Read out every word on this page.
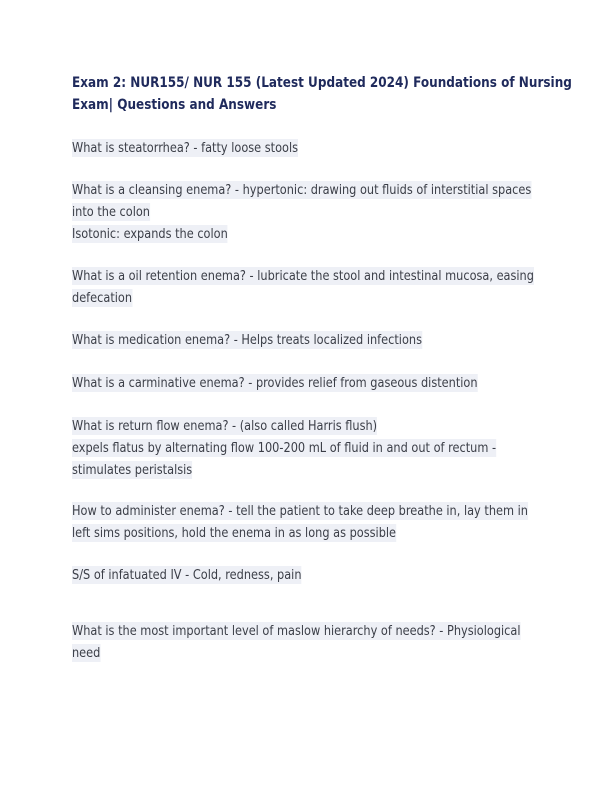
Exam 2: NUR155/ NUR 155 (Latest Updated 2024) Foundations of Nursing
Exam| Questions and Answers
What is steatorrhea? - fatty loose stools
What is a cleansing enema? - hypertonic: drawing out fluids of interstitial spaces
into the colon
Isotonic: expands the colon
What is a oil retention enema? - lubricate the stool and intestinal mucosa, easing
defecation
What is medication enema? - Helps treats localized infections
What is a carminative enema? - provides relief from gaseous distention
What is return flow enema? - (also called Harris flush)
expels flatus by alternating flow 100-200 mL of fluid in and out of rectum -
stimulates peristalsis
How to administer enema? - tell the patient to take deep breathe in, lay them in
left sims positions, hold the enema in as long as possible
S/S of infatuated IV - Cold, redness, pain
What is the most important level of maslow hierarchy of needs? - Physiological
need
